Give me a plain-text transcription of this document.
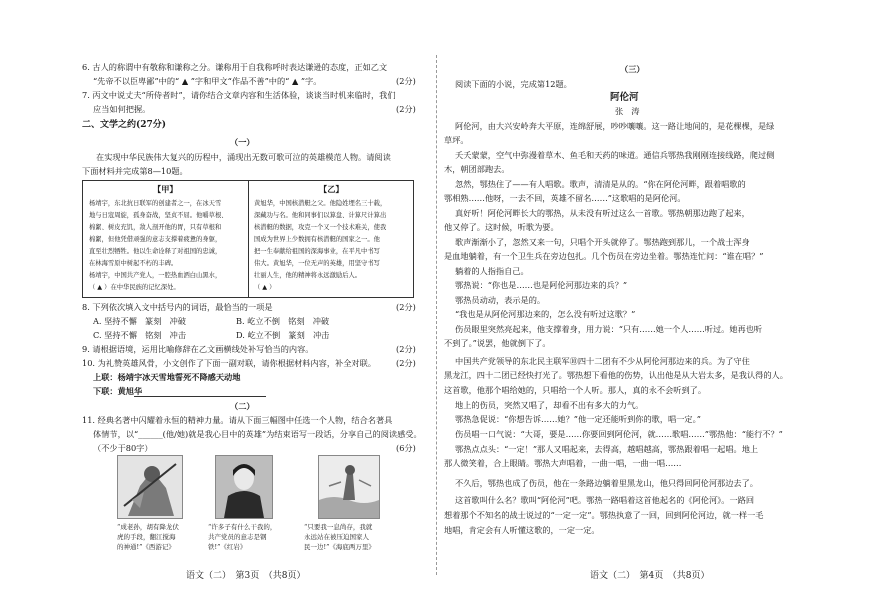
6. 古人的称谓中有敬称和谦称之分。谦称用于自我称呼时表达谦逊的态度，正如乙文
“先帝不以臣卑鄙”中的“ ▲ ”字和甲文“作品不善”中的“ ▲ ”字。	(2分)
7. 丙文中说丈夫“所侍者时”，请你结合文章内容和生活体验，谈谈当时机来临时，我们
应当如何把握。	(2分)
二、文学之约(27分)
（一）
在实现中华民族伟大复兴的历程中，涌现出无数可歌可泣的英雄模范人物。请阅读
下面材料并完成第8—10题。
【甲】
杨靖宇，东北抗日联军的创建者之一，在冰天雪
地与日寇周旋，孤身奋战，坚贞不屈。他嚼草根、
棉絮、树皮充饥，敌人剖开他的胃，只有草根和
棉絮，但他凭借顽强的意志支撑着疲惫的身躯，
直至壮烈牺牲。他以生命诠释了对祖国的忠诚，
在林海雪原中树起不朽的丰碑。
杨靖宇，中国共产党人，一腔热血洒白山黑水，
（ ▲ ）在中华民族的记忆深处。
【乙】
黄旭华，中国核潜艇之父。他隐姓埋名三十载，
深藏功与名。他和同事们以算盘、计算尺计算出
核潜艇的数据，攻克一个又一个技术难关，使我
国成为世界上少数拥有核潜艇的国家之一。他
把一生奉献给祖国的深海事业，在平凡中书写
伟大。黄旭华，一位无声的英雄，用坚守书写
壮丽人生，他的精神将永远激励后人。
（ ▲ ）
8. 下列依次填入文中括号内的词语，最恰当的一项是	(2分)
A. 坚持不懈　篆刻　冲破	B. 屹立不倒　铭刻　冲破
C. 坚持不懈　铭刻　冲击	D. 屹立不倒　篆刻　冲击
9. 请根据语境，运用比喻修辞在乙文画横线处补写恰当的内容。	(2分)
10. 为礼赞英雄风骨，小文创作了下面一副对联，请你根据材料内容，补全对联。 (2分)
上联：杨靖宇冰天雪地誓死不降感天动地
下联：黄旭华
（二）
11. 经典名著中闪耀着永恒的精神力量。请从下面三幅图中任选一个人物，结合名著具
体情节，以“______(他/她)就是我心目中的英雄”为结束语写一段话，分享自己的阅读感受。
（不少于80字）	(6分)
“成老孙，胡有降龙伏
虎的手段，翻江搅海
的神通!”《西游记》
“许多子有什么干我的，
共产党员的意志是钢
铁!”《红岩》
“只要我一息尚存，我就
永远站在被压迫国家人
民一边!”《海底两万里》
语文（二）　第3页　（共8页）
（三）
阅读下面的小说，完成第12题。
阿伦河
张　涛
阿伦河，由大兴安岭奔大平原，连绵舒展，吵吵嚷嚷。这一路让地间的，是花棵棵，是绿
草坪。
夭夭蒙蒙，空气中弥漫着草木、鱼毛和天药的味道。通信兵鄂热我刚刚连接线路，爬过侧
木，朝团部跑去。
忽然，鄂热住了——有人唱歌。歌声，清清是从的。“你在阿伦河畔，跟着唱歌的
鄂相熟……他呀，一去不回，英雄不留名……”这歌唱的是阿伦河。
真好听！阿伦河畔长大的鄂热，从未没有听过这么一首歌。鄂热朝那边跑了起来，
他又停了。这时候，听歌为要。
歌声渐渐小了，忽然又来一句，只唱个开头就停了。鄂热跑到那儿，一个战士浑身
是血地躺着，有一个卫生兵在旁边包扎。几个伤员在旁边坐着。鄂热连忙问：“谁在唱？”
躺着的人指指自己。
鄂热说：“你也是……也是阿伦河那边来的兵？”
鄂热员动动，表示是的。
“我也是从阿伦河那边来的，怎么没有听过这歌？”
伤员眼里突然亮起来，他支撑着身，用力说：“只有……她一个人……听过。她再也听
不到了。”说罢，他就倒下了。
中国共产党领导的东北民主联军⑩四十二团有不少从阿伦河那边来的兵。为了守住
黑龙江，四十二团已经快打光了。鄂热想下看他的伤势，认出他是从大岩太多，是我认得的人。
这首歌，他那个唱给她的，只唱给一个人听。那人，真的永不会听到了。
地上的伤员，突然又唱了，却看不出有多大的力气。
鄂热急促说：“你想告诉……她？”他一定还能听到你的歌，唱一定。”
伤员唱一口气说：“大哥，要是……你要回到阿伦河，就……歌唱……”鄂热他：“能行不？”
鄂热点点头：“一定！”那人又唱起来，去得高，越唱越高，鄂热跟着唱一起唱。地上
那人微笑着，合上眼睛。鄂热大声唱着，一曲一唱，一曲一唱……
不久后，鄂热也成了伤员，他在一条路边躺着里黑龙山，他只得回阿伦河那边去了。
这首歌叫什么名？歌叫“阿伦河”吧。鄂热一路唱着这首他起名的《阿伦河》。一路回
想着那个不知名的战士说过的“一定一定”。鄂热执意了一回，回到阿伦河边，就一样一毛
地唱，肯定会有人听懂这歌的，一定一定。
语文（二）　第4页　（共8页）
